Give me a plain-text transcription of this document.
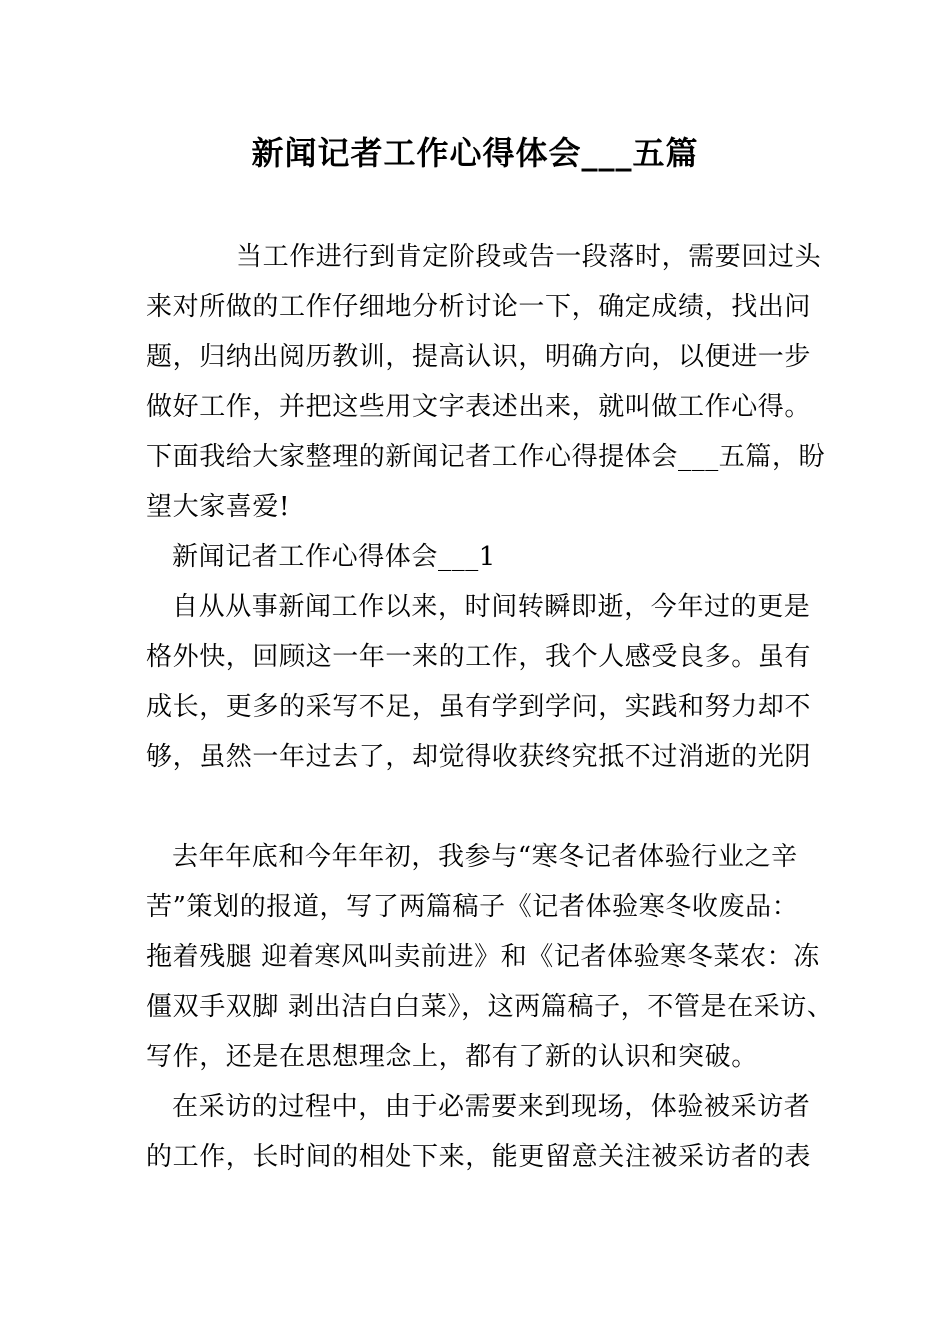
新闻记者工作心得体会___五篇
当工作进行到肯定阶段或告一段落时，需要回过头
来对所做的工作仔细地分析讨论一下，确定成绩，找出问
题，归纳出阅历教训，提高认识，明确方向，以便进一步
做好工作，并把这些用文字表述出来，就叫做工作心得。
下面我给大家整理的新闻记者工作心得提体会___五篇，盼
望大家喜爱!
新闻记者工作心得体会___1
自从从事新闻工作以来，时间转瞬即逝，今年过的更是
格外快，回顾这一年一来的工作，我个人感受良多。虽有
成长，更多的采写不足，虽有学到学问，实践和努力却不
够，虽然一年过去了，却觉得收获终究抵不过消逝的光阴
去年年底和今年年初，我参与“寒冬记者体验行业之辛
苦”策划的报道，写了两篇稿子《记者体验寒冬收废品：
拖着残腿 迎着寒风叫卖前进》和《记者体验寒冬菜农：冻
僵双手双脚 剥出洁白白菜》，这两篇稿子，不管是在采访、
写作，还是在思想理念上，都有了新的认识和突破。
在采访的过程中，由于必需要来到现场，体验被采访者
的工作，长时间的相处下来，能更留意关注被采访者的表
